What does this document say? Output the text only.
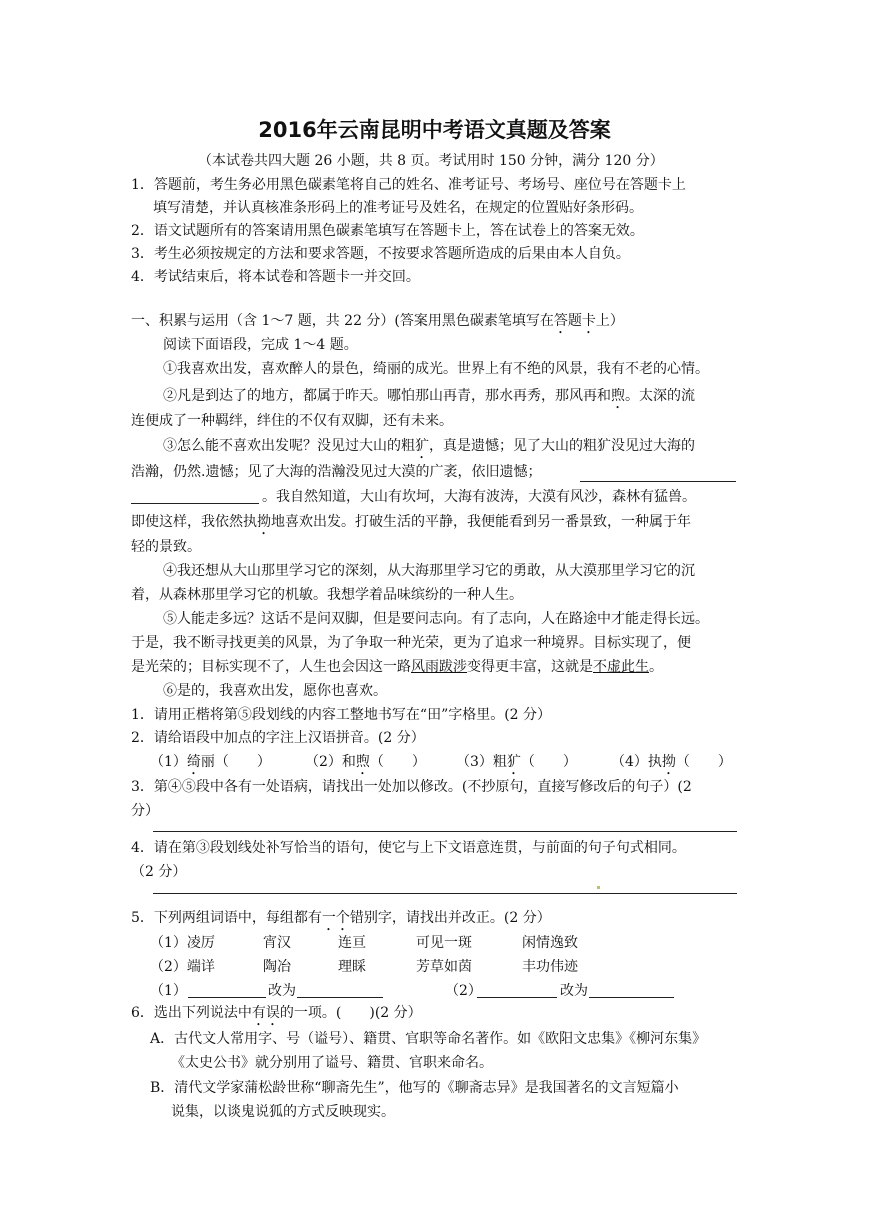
2016年云南昆明中考语文真题及答案
（本试卷共四大题 26 小题，共 8 页。考试用时 150 分钟，满分 120 分）
1．答题前，考生务必用黑色碳素笔将自己的姓名、准考证号、考场号、座位号在答题卡上
填写清楚，并认真核准条形码上的准考证号及姓名，在规定的位置贴好条形码。
2．语文试题所有的答案请用黑色碳素笔填写在答题卡上，答在试卷上的答案无效。
3．考生必须按规定的方法和要求答题，不按要求答题所造成的后果由本人自负。
4．考试结束后，将本试卷和答题卡一并交回。
一、积累与运用（含 1～7 题，共 22 分）(答案用黑色碳素笔填写在答题卡上）
阅读下面语段，完成 1～4 题。
①我喜欢出发，喜欢醉人的景色，绮丽的成光。世界上有不绝的风景，我有不老的心情。
②凡是到达了的地方，都属于昨天。哪怕那山再青，那水再秀，那风再和煦。太深的流
连便成了一种羁绊，绊住的不仅有双脚，还有未来。
③怎么能不喜欢出发呢？没见过大山的粗犷，真是遗憾；见了大山的粗犷没见过大海的
浩瀚，仍然.遗憾；见了大海的浩瀚没见过大漠的广袤，依旧遗憾；
。我自然知道，大山有坎坷，大海有波涛，大漠有风沙，森林有猛兽。
即使这样，我依然执拗地喜欢出发。打破生活的平静，我便能看到另一番景致，一种属于年
轻的景致。
④我还想从大山那里学习它的深刻，从大海那里学习它的勇敢，从大漠那里学习它的沉
着，从森林那里学习它的机敏。我想学着品味缤纷的一种人生。
⑤人能走多远？这话不是问双脚，但是要问志向。有了志向，人在路途中才能走得长远。
于是，我不断寻找更美的风景，为了争取一种光荣，更为了追求一种境界。目标实现了，便
是光荣的；目标实现不了，人生也会因这一路风雨跋涉变得更丰富，这就是不虚此生。
⑥是的，我喜欢出发，愿你也喜欢。
1．请用正楷将第⑤段划线的内容工整地书写在“田”字格里。(2 分）
2．请给语段中加点的字注上汉语拼音。(2 分）
（1）绮丽（　　） （2）和煦（　　） （3）粗犷（　　） （4）执拗（　　）
3．第④⑤段中各有一处语病，请找出一处加以修改。(不抄原句，直接写修改后的句子）(2
分）
4．请在第③段划线处补写恰当的语句，使它与上下文语意连贯，与前面的句子句式相同。
（2 分）
5．下列两组词语中，每组都有一个错别字，请找出并改正。(2 分）
（1）凌厉	宵汉	连亘	可见一斑	闲情逸致
（2）端详	陶冶	理睬	芳草如茵	丰功伟迹
（1）	改为	（2）	改为
6．选出下列说法中有误的一项。(　　)(2 分）
A．古代文人常用字、号（谥号）、籍贯、官职等命名著作。如《欧阳文忠集》《柳河东集》
《太史公书》就分别用了谥号、籍贯、官职来命名。
B．清代文学家蒲松龄世称“聊斋先生”，他写的《聊斋志异》是我国著名的文言短篇小
说集，以谈鬼说狐的方式反映现实。
